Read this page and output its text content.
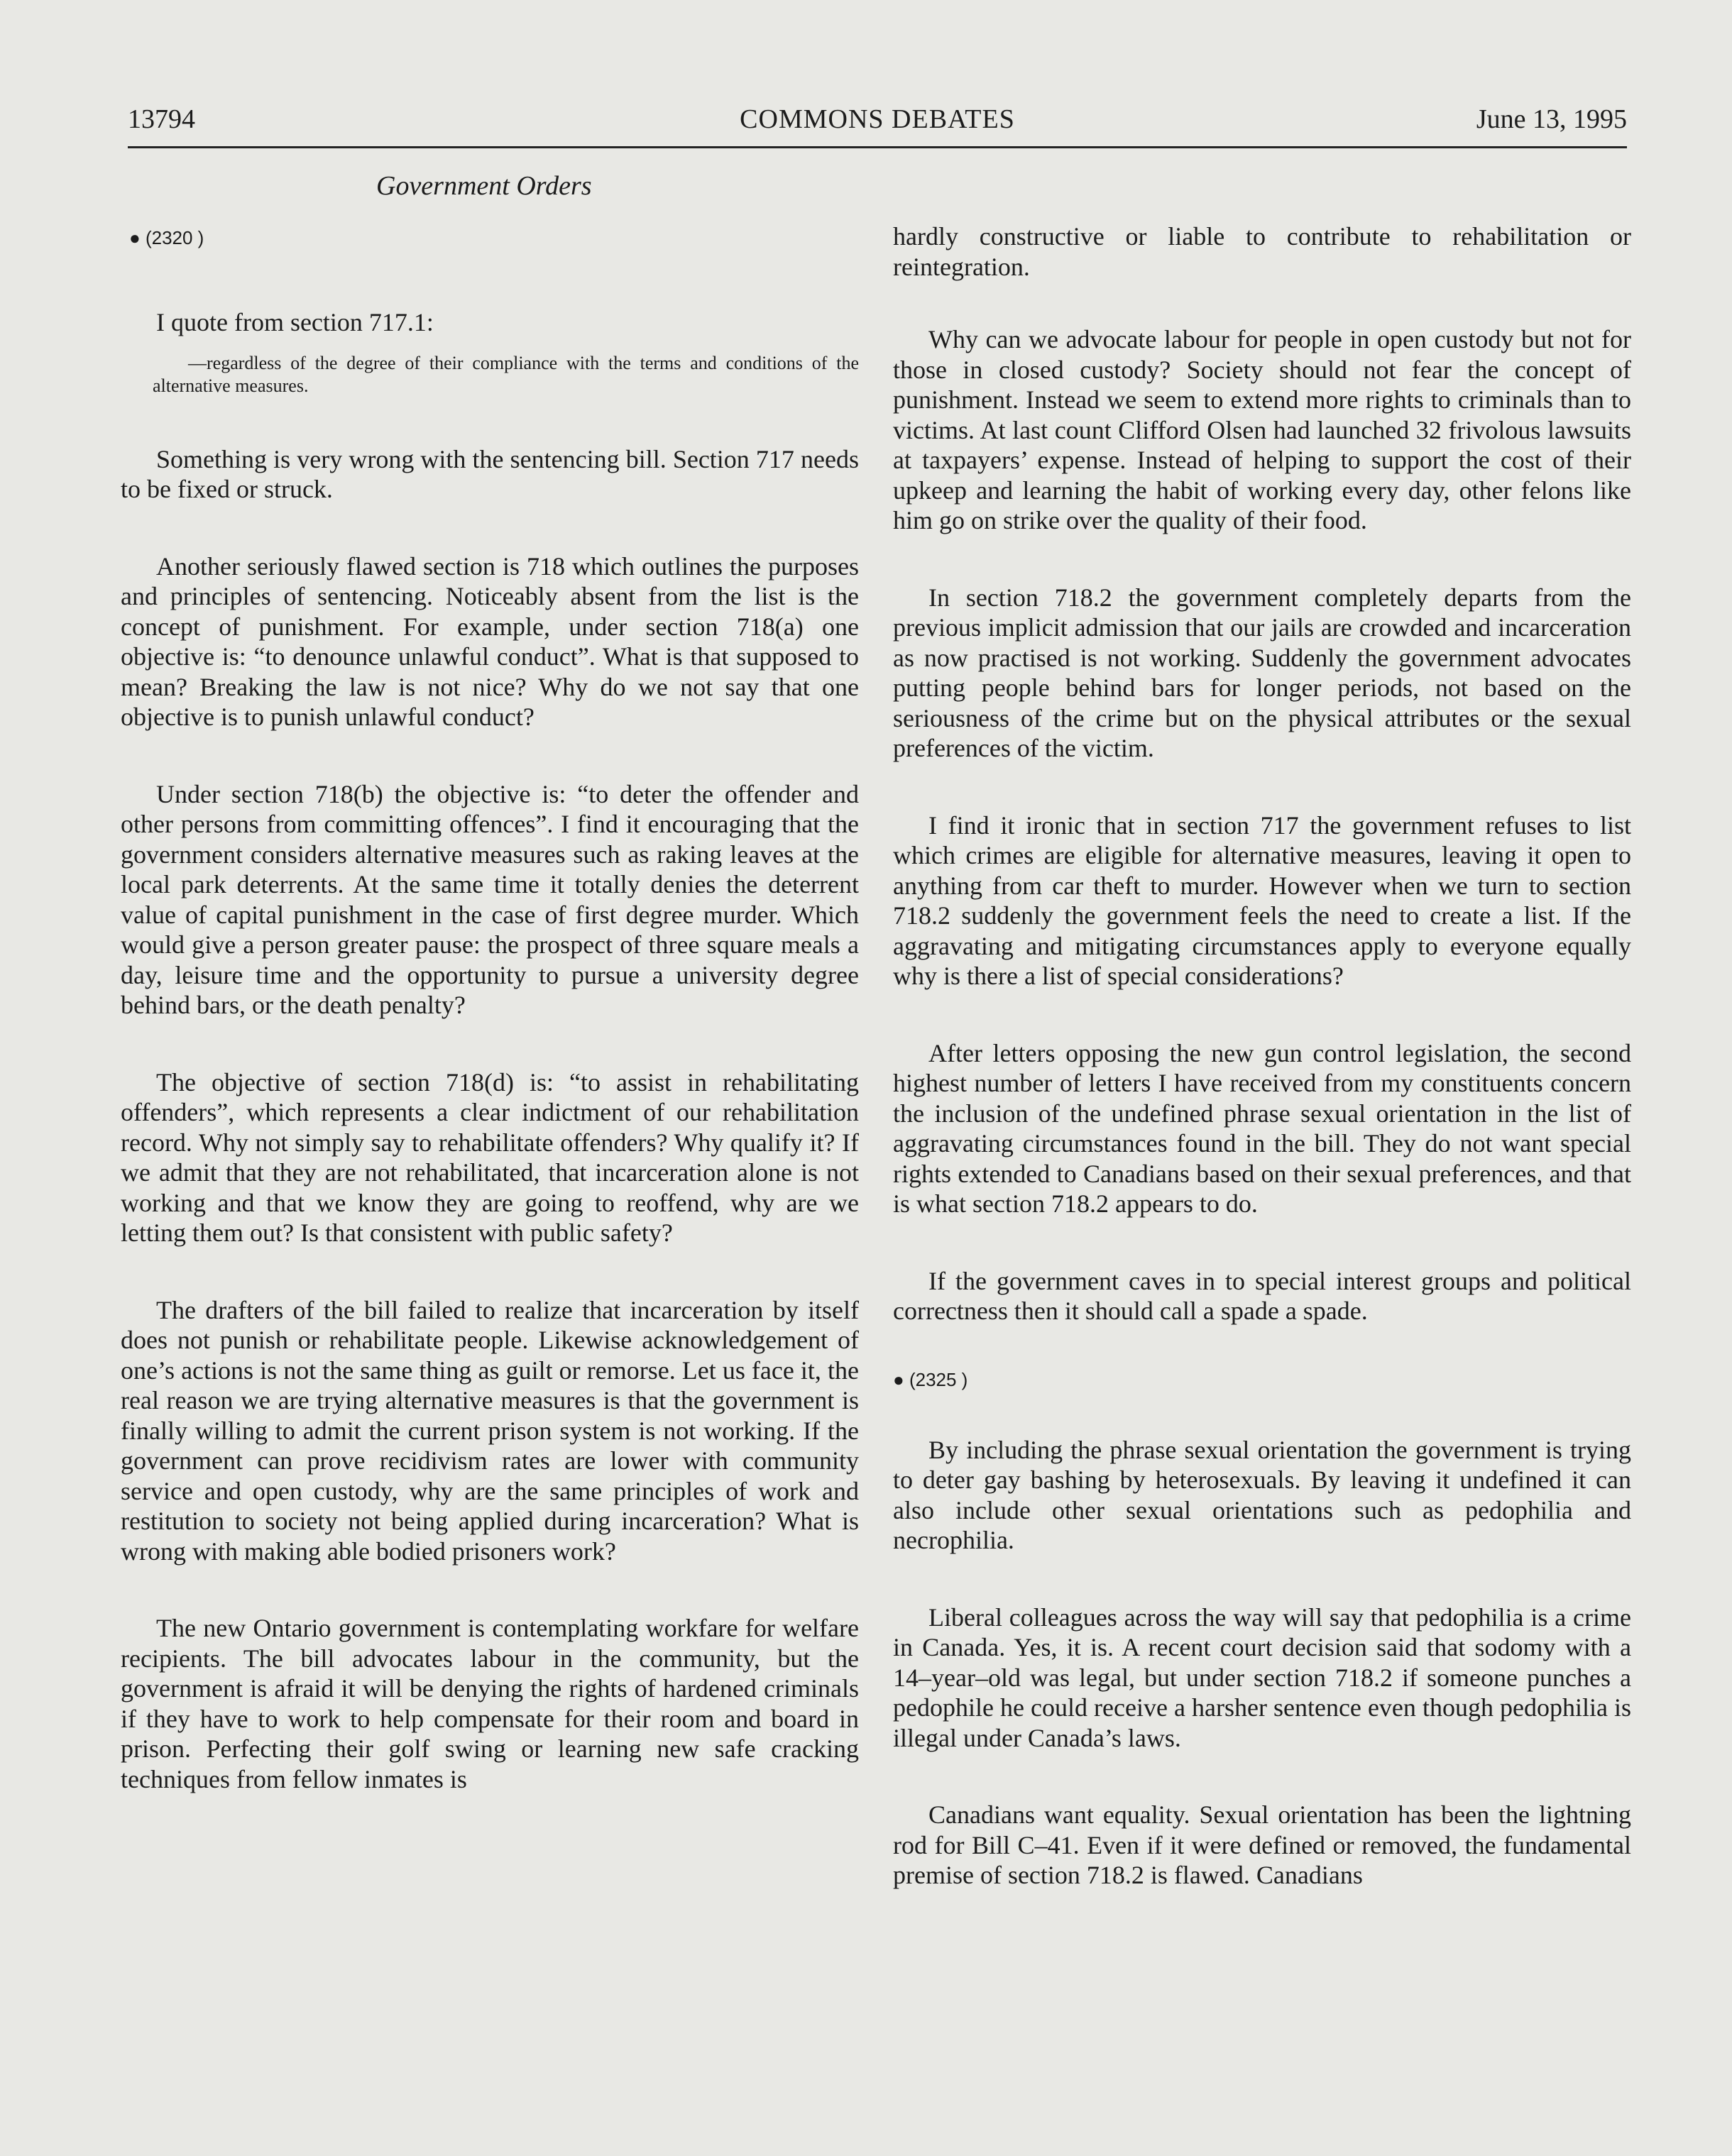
13794	COMMONS DEBATES	June 13, 1995
Government Orders

● (2320 )

I quote from section 717.1:

—regardless of the degree of their compliance with the terms and conditions of the alternative measures.

Something is very wrong with the sentencing bill. Section 717 needs to be fixed or struck.

Another seriously flawed section is 718 which outlines the purposes and principles of sentencing. Noticeably absent from the list is the concept of punishment. For example, under section 718(a) one objective is: “to denounce unlawful conduct”. What is that supposed to mean? Breaking the law is not nice? Why do we not say that one objective is to punish unlawful conduct?

Under section 718(b) the objective is: “to deter the offender and other persons from committing offences”. I find it encouraging that the government considers alternative measures such as raking leaves at the local park deterrents. At the same time it totally denies the deterrent value of capital punishment in the case of first degree murder. Which would give a person greater pause: the prospect of three square meals a day, leisure time and the opportunity to pursue a university degree behind bars, or the death penalty?

The objective of section 718(d) is: “to assist in rehabilitating offenders”, which represents a clear indictment of our rehabilitation record. Why not simply say to rehabilitate offenders? Why qualify it? If we admit that they are not rehabilitated, that incarceration alone is not working and that we know they are going to reoffend, why are we letting them out? Is that consistent with public safety?

The drafters of the bill failed to realize that incarceration by itself does not punish or rehabilitate people. Likewise acknowledgement of one’s actions is not the same thing as guilt or remorse. Let us face it, the real reason we are trying alternative measures is that the government is finally willing to admit the current prison system is not working. If the government can prove recidivism rates are lower with community service and open custody, why are the same principles of work and restitution to society not being applied during incarceration? What is wrong with making able bodied prisoners work?

The new Ontario government is contemplating workfare for welfare recipients. The bill advocates labour in the community, but the government is afraid it will be denying the rights of hardened criminals if they have to work to help compensate for their room and board in prison. Perfecting their golf swing or learning new safe cracking techniques from fellow inmates is

hardly constructive or liable to contribute to rehabilitation or reintegration.

Why can we advocate labour for people in open custody but not for those in closed custody? Society should not fear the concept of punishment. Instead we seem to extend more rights to criminals than to victims. At last count Clifford Olsen had launched 32 frivolous lawsuits at taxpayers’ expense. Instead of helping to support the cost of their upkeep and learning the habit of working every day, other felons like him go on strike over the quality of their food.

In section 718.2 the government completely departs from the previous implicit admission that our jails are crowded and incarceration as now practised is not working. Suddenly the government advocates putting people behind bars for longer periods, not based on the seriousness of the crime but on the physical attributes or the sexual preferences of the victim.

I find it ironic that in section 717 the government refuses to list which crimes are eligible for alternative measures, leaving it open to anything from car theft to murder. However when we turn to section 718.2 suddenly the government feels the need to create a list. If the aggravating and mitigating circumstances apply to everyone equally why is there a list of special considerations?

After letters opposing the new gun control legislation, the second highest number of letters I have received from my constituents concern the inclusion of the undefined phrase sexual orientation in the list of aggravating circumstances found in the bill. They do not want special rights extended to Canadians based on their sexual preferences, and that is what section 718.2 appears to do.

If the government caves in to special interest groups and political correctness then it should call a spade a spade.

● (2325 )

By including the phrase sexual orientation the government is trying to deter gay bashing by heterosexuals. By leaving it undefined it can also include other sexual orientations such as pedophilia and necrophilia.

Liberal colleagues across the way will say that pedophilia is a crime in Canada. Yes, it is. A recent court decision said that sodomy with a 14–year–old was legal, but under section 718.2 if someone punches a pedophile he could receive a harsher sentence even though pedophilia is illegal under Canada’s laws.

Canadians want equality. Sexual orientation has been the lightning rod for Bill C–41. Even if it were defined or removed, the fundamental premise of section 718.2 is flawed. Canadians
